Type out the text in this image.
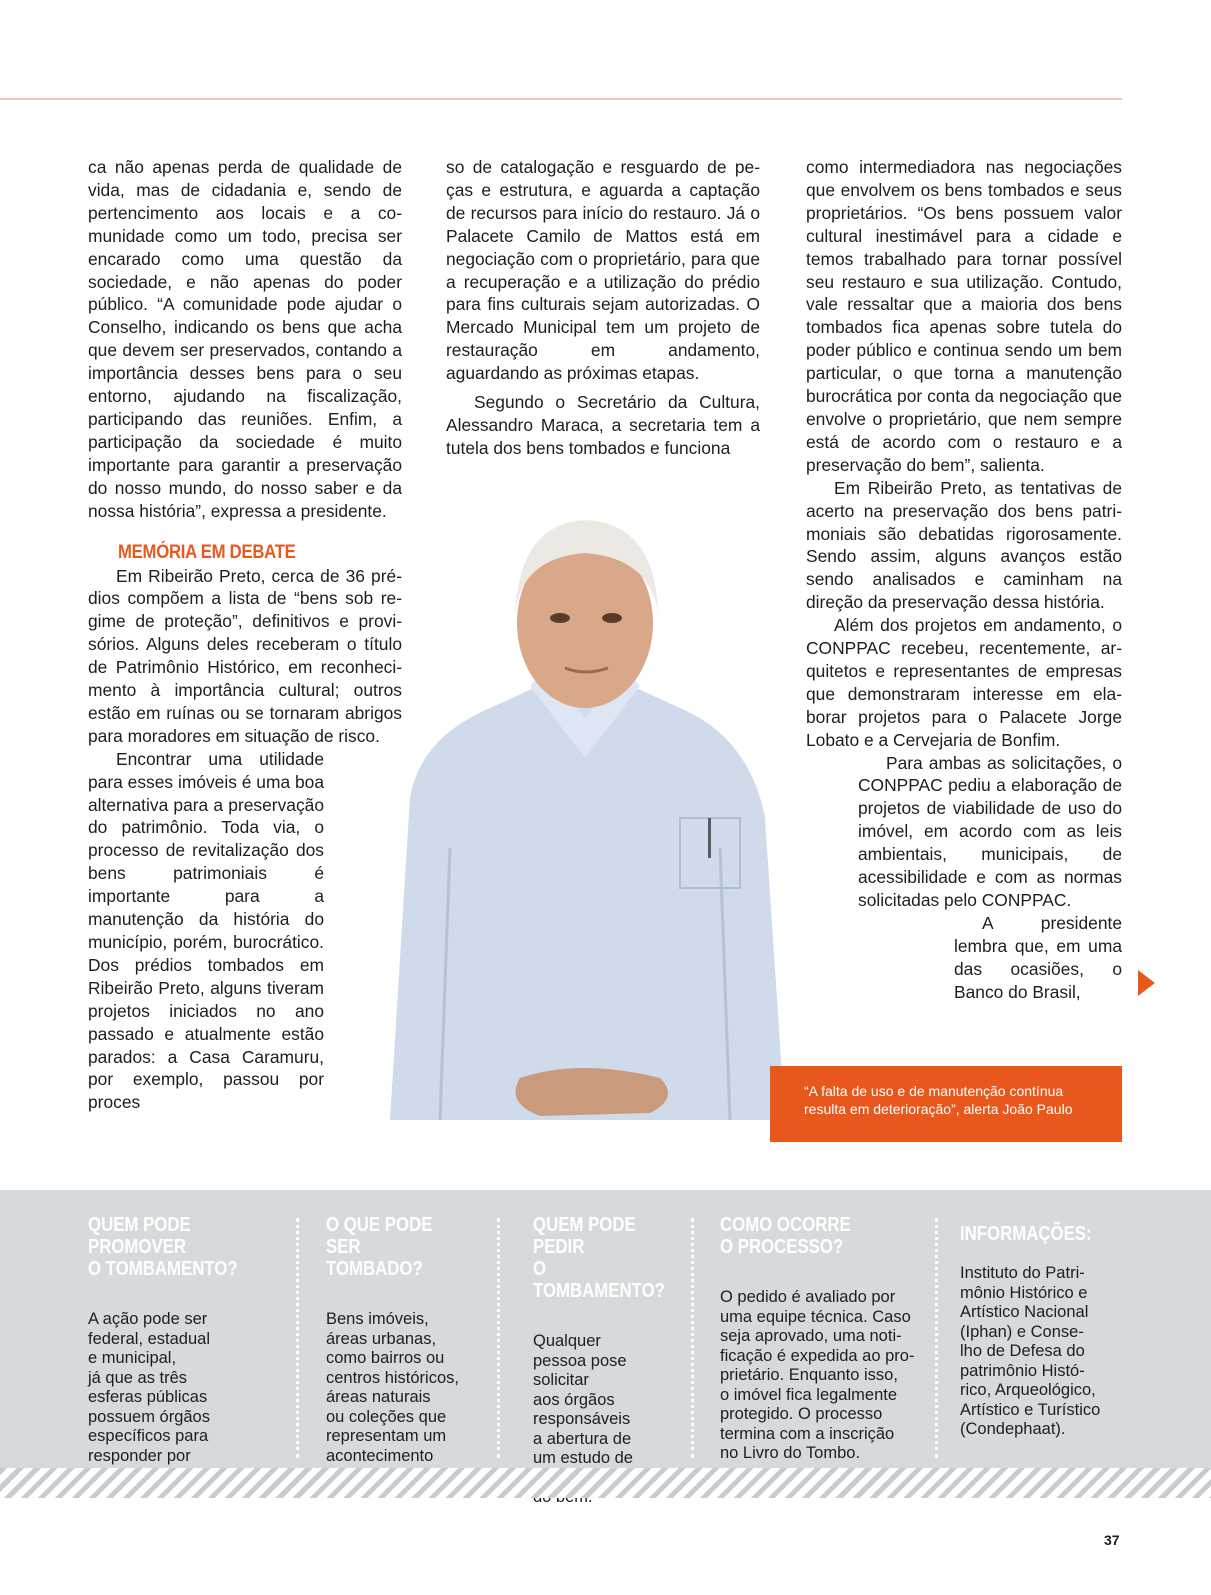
ca não apenas perda de qualidade de vida, mas de cidadania e, sendo de pertencimento aos locais e a comunidade como um todo, precisa ser encarado como uma questão da sociedade, e não apenas do poder público. “A comunidade pode ajudar o Conselho, indicando os bens que acha que devem ser preservados, contando a importância desses bens para o seu entorno, ajudando na fiscalização, participando das reuniões. Enfim, a participação da sociedade é muito importante para garantir a preservação do nosso mundo, do nosso saber e da nossa história”, expressa a presidente.

MEMÓRIA EM DEBATE

Em Ribeirão Preto, cerca de 36 prédios compõem a lista de “bens sob regime de proteção”, definitivos e provisórios. Alguns deles receberam o título de Patrimônio Histórico, em reconhecimento à importância cultural; outros estão em ruínas ou se tornaram abrigos para moradores em situação de risco.

Encontrar uma utilidade para esses imóveis é uma boa alternativa para a preservação do patrimônio. Toda via, o processo de revitalização dos bens patrimoniais é importante para a manutenção da história do município, porém, burocrático. Dos prédios tombados em Ribeirão Preto, alguns tiveram projetos iniciados no ano passado e atualmente estão parados: a Casa Caramuru, por exemplo, passou por proces

so de catalogação e resguardo de peças e estrutura, e aguarda a captação de recursos para início do restauro. Já o Palacete Camilo de Mattos está em negociação com o proprietário, para que a recuperação e a utilização do prédio para fins culturais sejam autorizadas. O Mercado Municipal tem um projeto de restauração em andamento, aguardando as próximas etapas.

Segundo o Secretário da Cultura, Alessandro Maraca, a secretaria tem a tutela dos bens tombados e funciona

como intermediadora nas negociações que envolvem os bens tombados e seus proprietários. “Os bens possuem valor cultural inestimável para a cidade e temos trabalhado para tornar possível seu restauro e sua utilização. Contudo, vale ressaltar que a maioria dos bens tombados fica apenas sobre tutela do poder público e continua sendo um bem particular, o que torna a manutenção burocrática por conta da negociação que envolve o proprietário, que nem sempre está de acordo com o restauro e a preservação do bem”, salienta.

Em Ribeirão Preto, as tentativas de acerto na preservação dos bens patrimoniais são debatidas rigorosamente. Sendo assim, alguns avanços estão sendo analisados e caminham na direção da preservação dessa história.

Além dos projetos em andamento, o CONPPAC recebeu, recentemente, arquitetos e representantes de empresas que demonstraram interesse em elaborar projetos para o Palacete Jorge Lobato e a Cervejaria de Bonfim.

Para ambas as solicitações, o CONPPAC pediu a elaboração de projetos de viabilidade de uso do imóvel, em acordo com as leis ambientais, municipais, de acessibilidade e com as normas solicitadas pelo CONPPAC.

A presidente lembra que, em uma das ocasiões, o Banco do Brasil,

“A falta de uso e de manutenção contínua resulta em deterioração”, alerta João Paulo
QUEM PODE PROMOVER
O TOMBAMENTO?
A ação pode ser
federal, estadual
e municipal,
já que as três
esferas públicas
possuem órgãos
específicos para
responder por

O QUE PODE SER
TOMBADO?
Bens imóveis,
áreas urbanas,
como bairros ou
centros históricos,
áreas naturais
ou coleções que
representam um
acontecimento

QUEM PODE PEDIR
O TOMBAMENTO?
Qualquer
pessoa pose
solicitar
aos órgãos
responsáveis
a abertura de
um estudo de

COMO OCORRE
O PROCESSO?
O pedido é avaliado por
uma equipe técnica. Caso
seja aprovado, uma noti-
ficação é expedida ao pro-
prietário. Enquanto isso,
o imóvel fica legalmente
protegido. O processo
termina com a inscrição
no Livro do Tombo.
INFORMAÇÕES:
Instituto do Patri-
mônio Histórico e
Artístico Nacional
(Iphan) e Conse-
lho de Defesa do
patrimônio Histó-
rico, Arqueológico,
Artístico e Turístico
(Condephaat).
37
